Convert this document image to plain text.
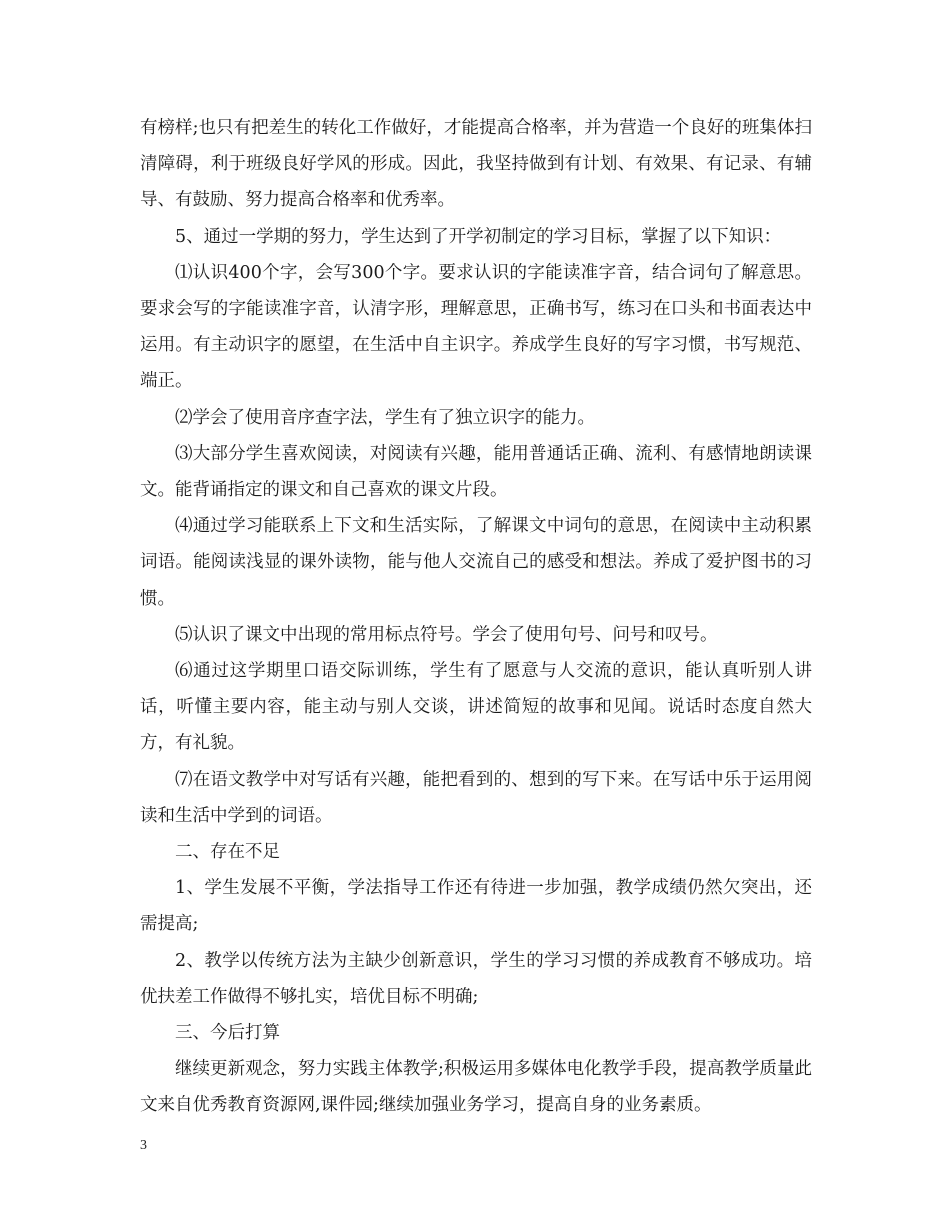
有榜样;也只有把差生的转化工作做好，才能提高合格率，并为营造一个良好的班集体扫清障碍，利于班级良好学风的形成。因此，我坚持做到有计划、有效果、有记录、有辅导、有鼓励、努力提高合格率和优秀率。

5、通过一学期的努力，学生达到了开学初制定的学习目标，掌握了以下知识：

⑴认识400个字，会写300个字。要求认识的字能读准字音，结合词句了解意思。要求会写的字能读准字音，认清字形，理解意思，正确书写，练习在口头和书面表达中运用。有主动识字的愿望，在生活中自主识字。养成学生良好的写字习惯，书写规范、端正。

⑵学会了使用音序查字法，学生有了独立识字的能力。

⑶大部分学生喜欢阅读，对阅读有兴趣，能用普通话正确、流利、有感情地朗读课文。能背诵指定的课文和自己喜欢的课文片段。

⑷通过学习能联系上下文和生活实际，了解课文中词句的意思，在阅读中主动积累词语。能阅读浅显的课外读物，能与他人交流自己的感受和想法。养成了爱护图书的习惯。

⑸认识了课文中出现的常用标点符号。学会了使用句号、问号和叹号。

⑹通过这学期里口语交际训练，学生有了愿意与人交流的意识，能认真听别人讲话，听懂主要内容，能主动与别人交谈，讲述简短的故事和见闻。说话时态度自然大方，有礼貌。

⑺在语文教学中对写话有兴趣，能把看到的、想到的写下来。在写话中乐于运用阅读和生活中学到的词语。

二、存在不足

1、学生发展不平衡，学法指导工作还有待进一步加强，教学成绩仍然欠突出，还需提高;

2、教学以传统方法为主缺少创新意识，学生的学习习惯的养成教育不够成功。培优扶差工作做得不够扎实，培优目标不明确;

三、今后打算

继续更新观念，努力实践主体教学;积极运用多媒体电化教学手段，提高教学质量此文来自优秀教育资源网,课件园;继续加强业务学习，提高自身的业务素质。

3
